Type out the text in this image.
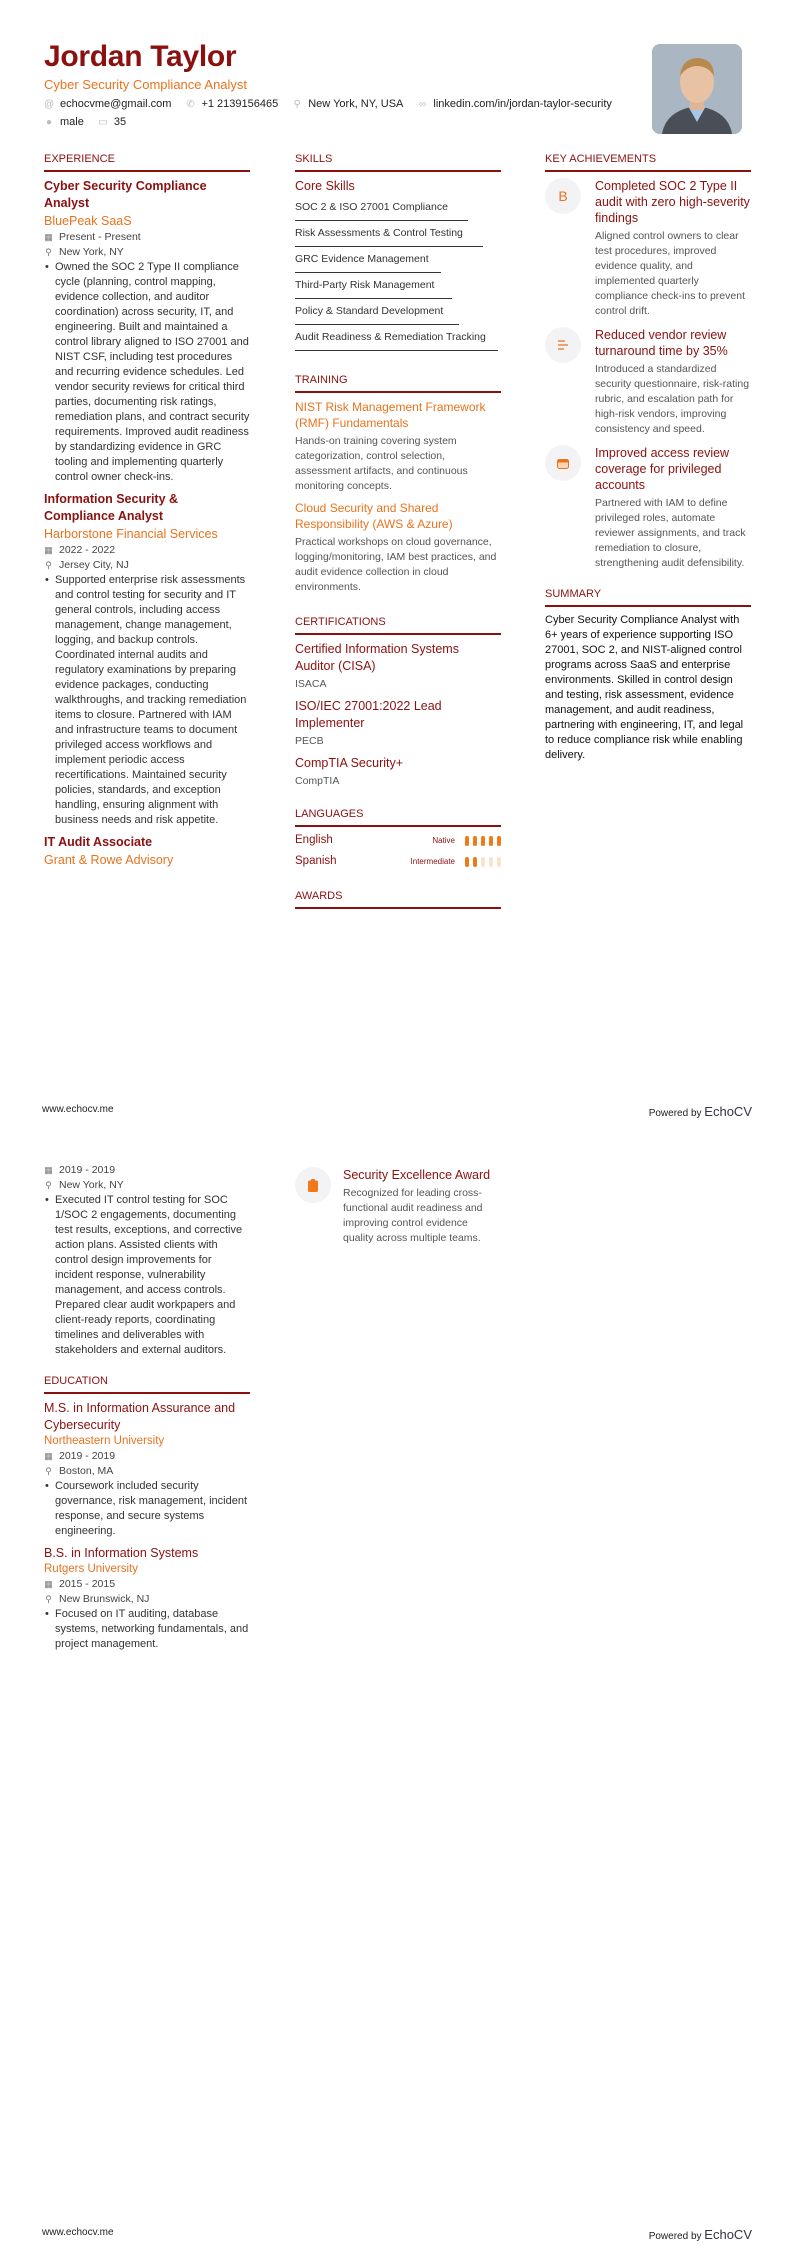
Jordan Taylor
Cyber Security Compliance Analyst
@ echocvme@gmail.com ✆ +1 2139156465 ⚲ New York, NY, USA ∞ linkedin.com/in/jordan-taylor-security
● male ▭ 35
EXPERIENCE
Cyber Security Compliance Analyst
BluePeak SaaS
▦ Present - Present
⚲ New York, NY
• Owned the SOC 2 Type II compliance cycle (planning, control mapping, evidence collection, and auditor coordination) across security, IT, and engineering. Built and maintained a control library aligned to ISO 27001 and NIST CSF, including test procedures and recurring evidence schedules. Led vendor security reviews for critical third parties, documenting risk ratings, remediation plans, and contract security requirements. Improved audit readiness by standardizing evidence in GRC tooling and implementing quarterly control owner check-ins.
Information Security & Compliance Analyst
Harborstone Financial Services
▦ 2022 - 2022
⚲ Jersey City, NJ
• Supported enterprise risk assessments and control testing for security and IT general controls, including access management, change management, logging, and backup controls. Coordinated internal audits and regulatory examinations by preparing evidence packages, conducting walkthroughs, and tracking remediation items to closure. Partnered with IAM and infrastructure teams to document privileged access workflows and implement periodic access recertifications. Maintained security policies, standards, and exception handling, ensuring alignment with business needs and risk appetite.
IT Audit Associate
Grant & Rowe Advisory
SKILLS
Core Skills
SOC 2 & ISO 27001 Compliance
Risk Assessments & Control Testing
GRC Evidence Management
Third-Party Risk Management
Policy & Standard Development
Audit Readiness & Remediation Tracking
TRAINING
NIST Risk Management Framework (RMF) Fundamentals
Hands-on training covering system categorization, control selection, assessment artifacts, and continuous monitoring concepts.
Cloud Security and Shared Responsibility (AWS & Azure)
Practical workshops on cloud governance, logging/monitoring, IAM best practices, and audit evidence collection in cloud environments.
CERTIFICATIONS
Certified Information Systems Auditor (CISA)
ISACA
ISO/IEC 27001:2022 Lead Implementer
PECB
CompTIA Security+
CompTIA
LANGUAGES
English	Native
Spanish	Intermediate
AWARDS
KEY ACHIEVEMENTS
B
Completed SOC 2 Type II audit with zero high-severity findings
Aligned control owners to clear test procedures, improved evidence quality, and implemented quarterly compliance check-ins to prevent control drift.
Reduced vendor review turnaround time by 35%
Introduced a standardized security questionnaire, risk-rating rubric, and escalation path for high-risk vendors, improving consistency and speed.
Improved access review coverage for privileged accounts
Partnered with IAM to define privileged roles, automate reviewer assignments, and track remediation to closure, strengthening audit defensibility.
SUMMARY
Cyber Security Compliance Analyst with 6+ years of experience supporting ISO 27001, SOC 2, and NIST-aligned control programs across SaaS and enterprise environments. Skilled in control design and testing, risk assessment, evidence management, and audit readiness, partnering with engineering, IT, and legal to reduce compliance risk while enabling delivery.
www.echocv.me	Powered by EchoCV
▦ 2019 - 2019
⚲ New York, NY
• Executed IT control testing for SOC 1/SOC 2 engagements, documenting test results, exceptions, and corrective action plans. Assisted clients with control design improvements for incident response, vulnerability management, and access controls. Prepared clear audit workpapers and client-ready reports, coordinating timelines and deliverables with stakeholders and external auditors.
EDUCATION
M.S. in Information Assurance and Cybersecurity
Northeastern University
▦ 2019 - 2019
⚲ Boston, MA
• Coursework included security governance, risk management, incident response, and secure systems engineering.
B.S. in Information Systems
Rutgers University
▦ 2015 - 2015
⚲ New Brunswick, NJ
• Focused on IT auditing, database systems, networking fundamentals, and project management.
Security Excellence Award
Recognized for leading cross-functional audit readiness and improving control evidence quality across multiple teams.
www.echocv.me	Powered by EchoCV
